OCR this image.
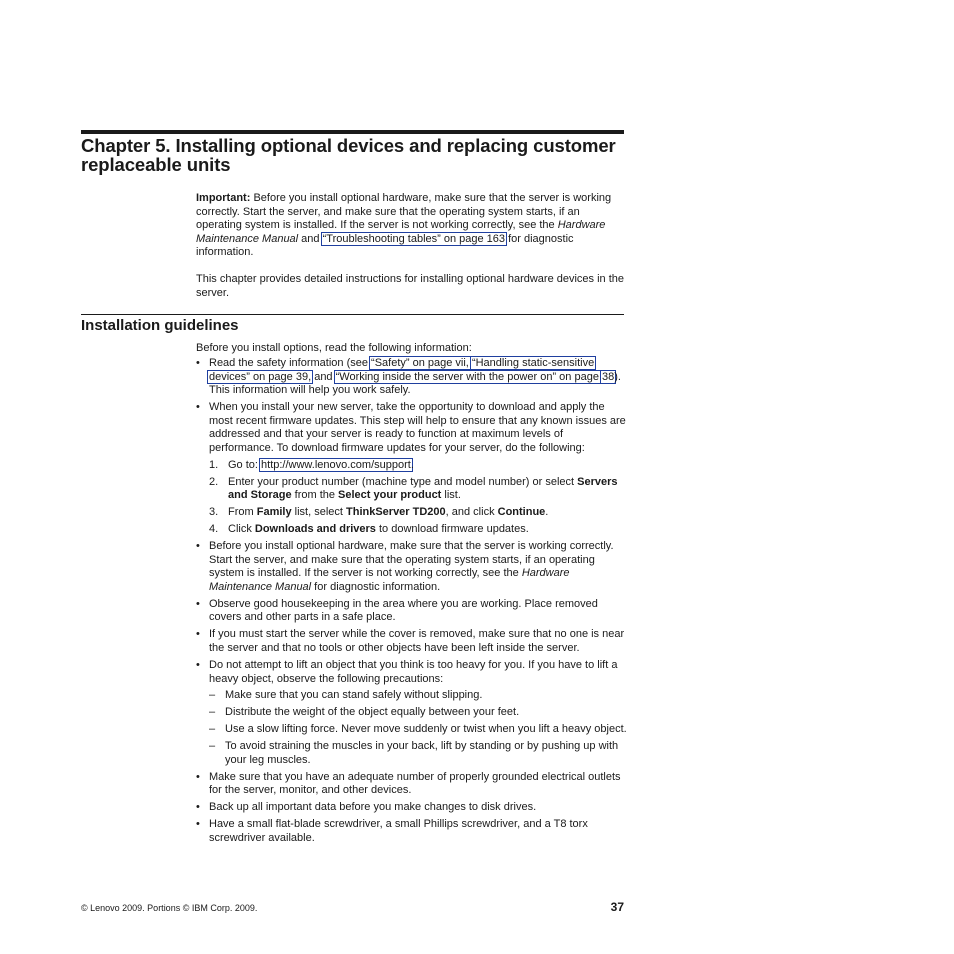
Chapter 5. Installing optional devices and replacing customer replaceable units

Important: Before you install optional hardware, make sure that the server is working correctly. Start the server, and make sure that the operating system starts, if an operating system is installed. If the server is not working correctly, see the Hardware Maintenance Manual and “Troubleshooting tables” on page 163 for diagnostic information.

This chapter provides detailed instructions for installing optional hardware devices in the server.

Installation guidelines

Before you install options, read the following information:

• Read the safety information (see “Safety” on page vii, “Handling static-sensitive devices” on page 39, and “Working inside the server with the power on” on page 38). This information will help you work safely.
• When you install your new server, take the opportunity to download and apply the most recent firmware updates. This step will help to ensure that any known issues are addressed and that your server is ready to function at maximum levels of performance. To download firmware updates for your server, do the following:
1. Go to: http://www.lenovo.com/support.
2. Enter your product number (machine type and model number) or select Servers and Storage from the Select your product list.
3. From Family list, select ThinkServer TD200, and click Continue.
4. Click Downloads and drivers to download firmware updates.
• Before you install optional hardware, make sure that the server is working correctly. Start the server, and make sure that the operating system starts, if an operating system is installed. If the server is not working correctly, see the Hardware Maintenance Manual for diagnostic information.
• Observe good housekeeping in the area where you are working. Place removed covers and other parts in a safe place.
• If you must start the server while the cover is removed, make sure that no one is near the server and that no tools or other objects have been left inside the server.
• Do not attempt to lift an object that you think is too heavy for you. If you have to lift a heavy object, observe the following precautions:
– Make sure that you can stand safely without slipping.
– Distribute the weight of the object equally between your feet.
– Use a slow lifting force. Never move suddenly or twist when you lift a heavy object.
– To avoid straining the muscles in your back, lift by standing or by pushing up with your leg muscles.
• Make sure that you have an adequate number of properly grounded electrical outlets for the server, monitor, and other devices.
• Back up all important data before you make changes to disk drives.
• Have a small flat-blade screwdriver, a small Phillips screwdriver, and a T8 torx screwdriver available.
© Lenovo 2009. Portions © IBM Corp. 2009.	37
